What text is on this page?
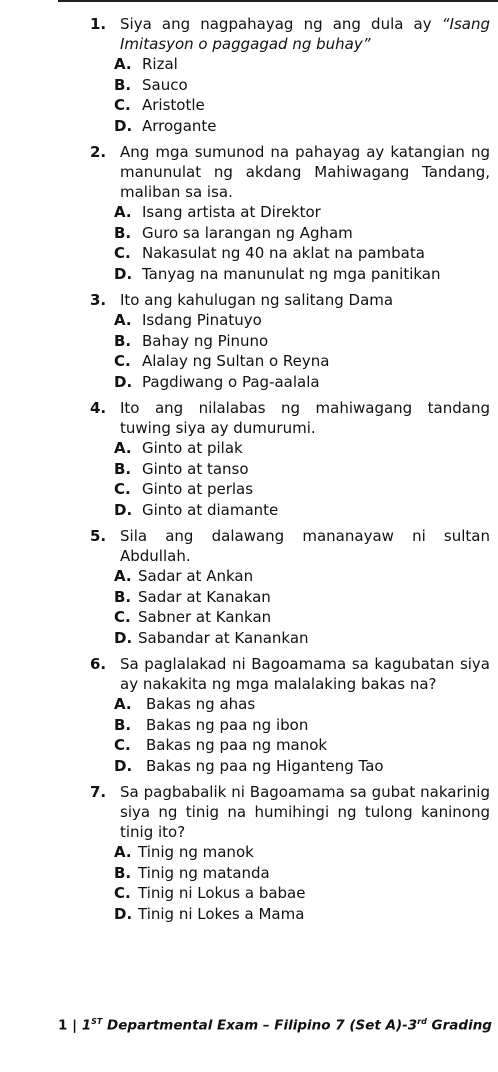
1. Siya ang nagpahayag ng ang dula ay “Isang Imitasyon o paggagad ng buhay”
A. Rizal
B. Sauco
C. Aristotle
D. Arrogante
2. Ang mga sumunod na pahayag ay katangian ng manunulat ng akdang Mahiwagang Tandang, maliban sa isa.
A. Isang artista at Direktor
B. Guro sa larangan ng Agham
C. Nakasulat ng 40 na aklat na pambata
D. Tanyag na manunulat ng mga panitikan
3. Ito ang kahulugan ng salitang Dama
A. Isdang Pinatuyo
B. Bahay ng Pinuno
C. Alalay ng Sultan o Reyna
D. Pagdiwang o Pag-aalala
4. Ito ang nilalabas ng mahiwagang tandang tuwing siya ay dumurumi.
A. Ginto at pilak
B. Ginto at tanso
C. Ginto at perlas
D. Ginto at diamante
5. Sila ang dalawang mananayaw ni sultan Abdullah.
A. Sadar at Ankan
B. Sadar at Kanakan
C. Sabner at Kankan
D. Sabandar at Kanankan
6. Sa paglalakad ni Bagoamama sa kagubatan siya ay nakakita ng mga malalaking bakas na?
A. Bakas ng ahas
B. Bakas ng paa ng ibon
C.	Bakas ng paa ng manok
D. Bakas ng paa ng Higanteng Tao
7. Sa pagbabalik ni Bagoamama sa gubat nakarinig siya ng tinig na humihingi ng tulong kaninong tinig ito?
A. Tinig ng manok
B. Tinig ng matanda
C. Tinig ni Lokus a babae
D. Tinig ni Lokes a Mama
1 | 1ST Departmental Exam – Filipino 7 (Set A)-3rd Grading
